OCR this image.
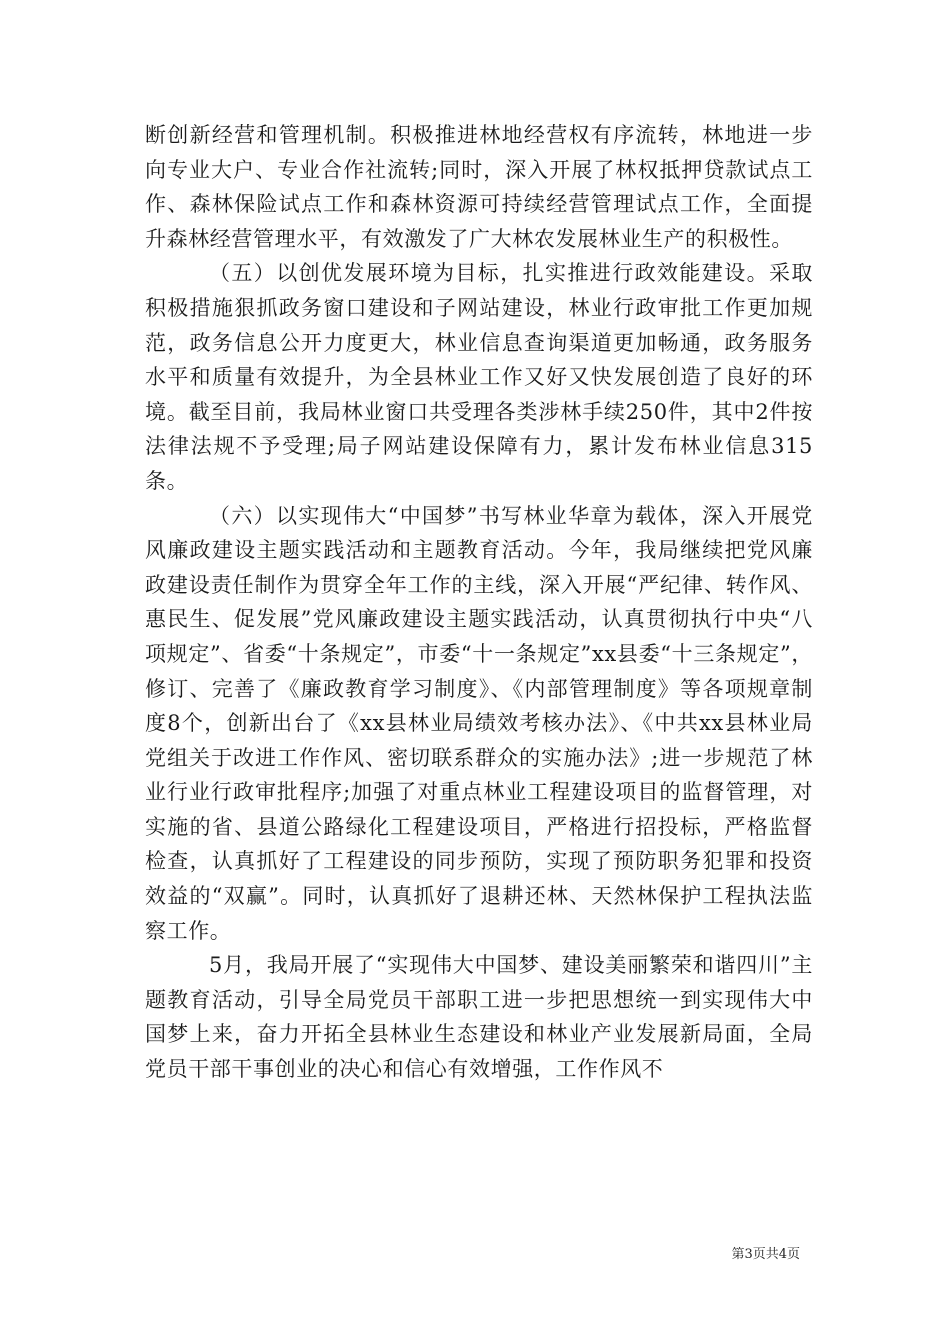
断创新经营和管理机制。积极推进林地经营权有序流转，林地进一步向专业大户、专业合作社流转;同时，深入开展了林权抵押贷款试点工作、森林保险试点工作和森林资源可持续经营管理试点工作，全面提升森林经营管理水平，有效激发了广大林农发展林业生产的积极性。

（五）以创优发展环境为目标，扎实推进行政效能建设。采取积极措施狠抓政务窗口建设和子网站建设，林业行政审批工作更加规范，政务信息公开力度更大，林业信息查询渠道更加畅通，政务服务水平和质量有效提升，为全县林业工作又好又快发展创造了良好的环境。截至目前，我局林业窗口共受理各类涉林手续250件，其中2件按法律法规不予受理;局子网站建设保障有力，累计发布林业信息315条。

（六）以实现伟大“中国梦”书写林业华章为载体，深入开展党风廉政建设主题实践活动和主题教育活动。今年，我局继续把党风廉政建设责任制作为贯穿全年工作的主线，深入开展“严纪律、转作风、惠民生、促发展”党风廉政建设主题实践活动，认真贯彻执行中央“八项规定”、省委“十条规定”，市委“十一条规定”xx县委“十三条规定”，修订、完善了《廉政教育学习制度》、《内部管理制度》等各项规章制度8个，创新出台了《xx县林业局绩效考核办法》、《中共xx县林业局党组关于改进工作作风、密切联系群众的实施办法》;进一步规范了林业行业行政审批程序;加强了对重点林业工程建设项目的监督管理，对实施的省、县道公路绿化工程建设项目，严格进行招投标，严格监督检查，认真抓好了工程建设的同步预防，实现了预防职务犯罪和投资效益的“双赢”。同时，认真抓好了退耕还林、天然林保护工程执法监察工作。

5月，我局开展了“实现伟大中国梦、建设美丽繁荣和谐四川”主题教育活动，引导全局党员干部职工进一步把思想统一到实现伟大中国梦上来，奋力开拓全县林业生态建设和林业产业发展新局面，全局党员干部干事创业的决心和信心有效增强，工作作风不

第3页共4页
